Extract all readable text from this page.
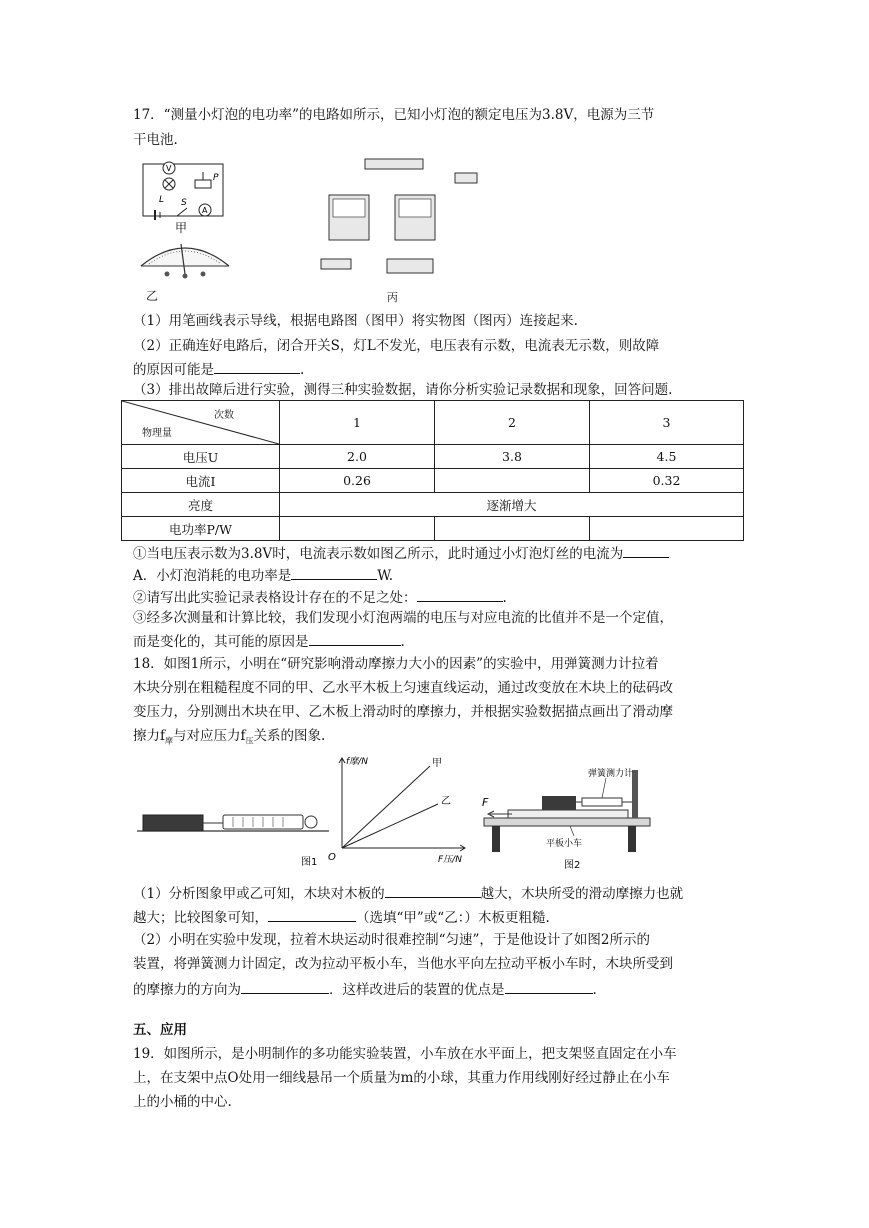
17．“测量小灯泡的电功率”的电路如所示，已知小灯泡的额定电压为3.8V，电源为三节
干电池.
V
A
L S
P
甲
乙	丙
（1）用笔画线表示导线，根据电路图（图甲）将实物图（图丙）连接起来.
（2）正确连好电路后，闭合开关S，灯L不发光，电压表有示数，电流表无示数，则故障
的原因可能是	.
（3）排出故障后进行实验，测得三种实验数据，请你分析实验记录数据和现象，回答问题.
次数
物理量	1	2	3
电压U	2.0	3.8	4.5
电流I	0.26		0.32
亮度	逐渐增大		
电功率P/W			
①当电压表示数为3.8V时，电流表示数如图乙所示，此时通过小灯泡灯丝的电流为
A．小灯泡消耗的电功率是	W.
②请写出此实验记录表格设计存在的不足之处：	.
③经多次测量和计算比较，我们发现小灯泡两端的电压与对应电流的比值并不是一个定值，
而是变化的，其可能的原因是	.
18．如图1所示，小明在“研究影响滑动摩擦力大小的因素”的实验中，用弹簧测力计拉着
木块分别在粗糙程度不同的甲、乙水平木板上匀速直线运动，通过改变放在木块上的砝码改
变压力，分别测出木块在甲、乙木板上滑动时的摩擦力，并根据实验数据描点画出了滑动摩
擦力$f_摩$与对应压力$f_压$关系的图象.
图1 O
f摩/N
F压/N
甲
乙	F
弹簧测力计
平板小车
图2
（1）分析图象甲或乙可知，木块对木板的	越大，木块所受的滑动摩擦力也就
越大；比较图象可知，	（选填“甲”或“乙：）木板更粗糙.
（2）小明在实验中发现，拉着木块运动时很难控制“匀速”，于是他设计了如图2所示的
装置，将弹簧测力计固定，改为拉动平板小车，当他水平向左拉动平板小车时，木块所受到
的摩擦力的方向为	．这样改进后的装置的优点是	.
五、应用
19．如图所示，是小明制作的多功能实验装置，小车放在水平面上，把支架竖直固定在小车
上，在支架中点O处用一细线悬吊一个质量为m的小球，其重力作用线刚好经过静止在小车
上的小桶的中心.
